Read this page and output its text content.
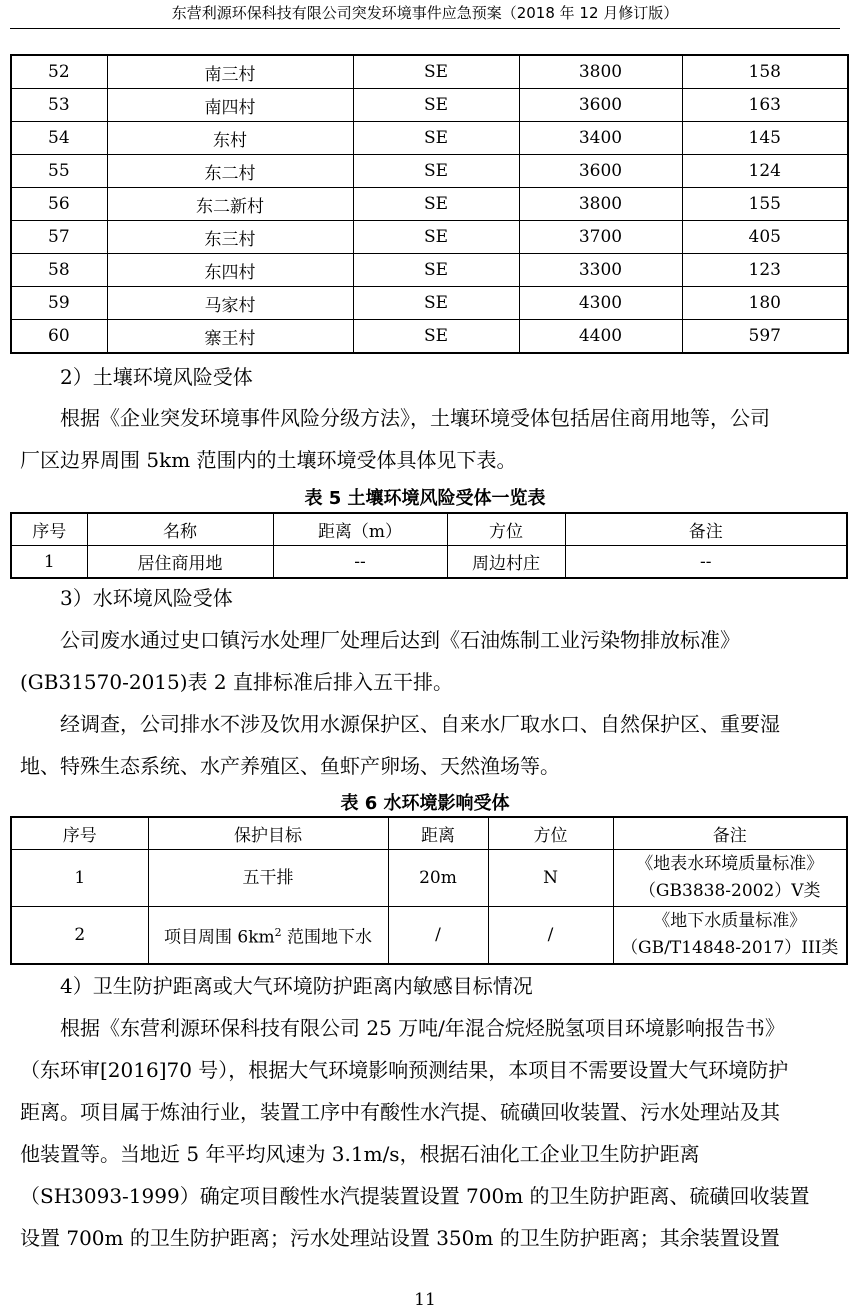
东营利源环保科技有限公司突发环境事件应急预案（2018 年 12 月修订版）
52	南三村	SE	3800	158
53	南四村	SE	3600	163
54	东村	SE	3400	145
55	东二村	SE	3600	124
56	东二新村	SE	3800	155
57	东三村	SE	3700	405
58	东四村	SE	3300	123
59	马家村	SE	4300	180
60	寨王村	SE	4400	597
2）土壤环境风险受体
根据《企业突发环境事件风险分级方法》，土壤环境受体包括居住商用地等，公司
厂区边界周围 5km 范围内的土壤环境受体具体见下表。
表 5 土壤环境风险受体一览表
序号	名称	距离（m）	方位	备注
1	居住商用地	--	周边村庄	--
3）水环境风险受体
公司废水通过史口镇污水处理厂处理后达到《石油炼制工业污染物排放标准》
(GB31570-2015)表 2 直排标准后排入五干排。
经调查，公司排水不涉及饮用水源保护区、自来水厂取水口、自然保护区、重要湿
地、特殊生态系统、水产养殖区、鱼虾产卵场、天然渔场等。
表 6 水环境影响受体
序号	保护目标	距离	方位	备注
1	五干排	20m	N	《地表水环境质量标准》
（GB3838-2002）V类

2	项目周围 $6km^2$ 范围地下水	/	/	《地下水质量标准》
（GB/T14848-2017）III类
4）卫生防护距离或大气环境防护距离内敏感目标情况
根据《东营利源环保科技有限公司 25 万吨/年混合烷烃脱氢项目环境影响报告书》
（东环审[2016]70 号），根据大气环境影响预测结果，本项目不需要设置大气环境防护
距离。项目属于炼油行业，装置工序中有酸性水汽提、硫磺回收装置、污水处理站及其
他装置等。当地近 5 年平均风速为 3.1m/s，根据石油化工企业卫生防护距离
（SH3093-1999）确定项目酸性水汽提装置设置 700m 的卫生防护距离、硫磺回收装置
设置 700m 的卫生防护距离；污水处理站设置 350m 的卫生防护距离；其余装置设置
11
